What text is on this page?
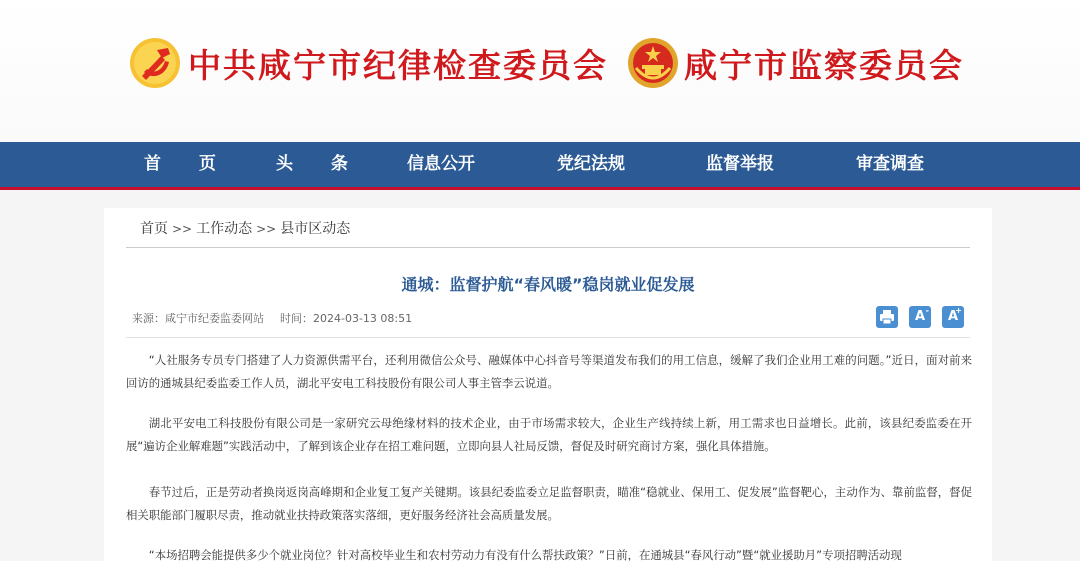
中共咸宁市纪律检查委员会 咸宁市监察委员会
首 页	头 条	信息公开	党纪法规	监督举报	审查调查
首页 >> 工作动态 >> 县市区动态
通城：监督护航“春风暖”稳岗就业促发展
来源：咸宁市纪委监委网站 时间：2024-03-13 08:51	A -	A
+

“人社服务专员专门搭建了人力资源供需平台，还利用微信公众号、融媒体中心抖音号等渠道发布我们的用工信息，缓解了我们企业用工难的问题。”近日，面对前来回访的通城县纪委监委工作人员，湖北平安电工科技股份有限公司人事主管李云说道。

湖北平安电工科技股份有限公司是一家研究云母绝缘材料的技术企业，由于市场需求较大，企业生产线持续上新，用工需求也日益增长。此前，该县纪委监委在开展“遍访企业解难题”实践活动中，了解到该企业存在招工难问题，立即向县人社局反馈，督促及时研究商讨方案，强化具体措施。

春节过后，正是劳动者换岗返岗高峰期和企业复工复产关键期。该县纪委监委立足监督职责，瞄准“稳就业、保用工、促发展”监督靶心，主动作为、靠前监督，督促相关职能部门履职尽责，推动就业扶持政策落实落细，更好服务经济社会高质量发展。

“本场招聘会能提供多少个就业岗位？针对高校毕业生和农村劳动力有没有什么帮扶政策？”日前，在通城县“春风行动”暨“就业援助月”专项招聘活动现
